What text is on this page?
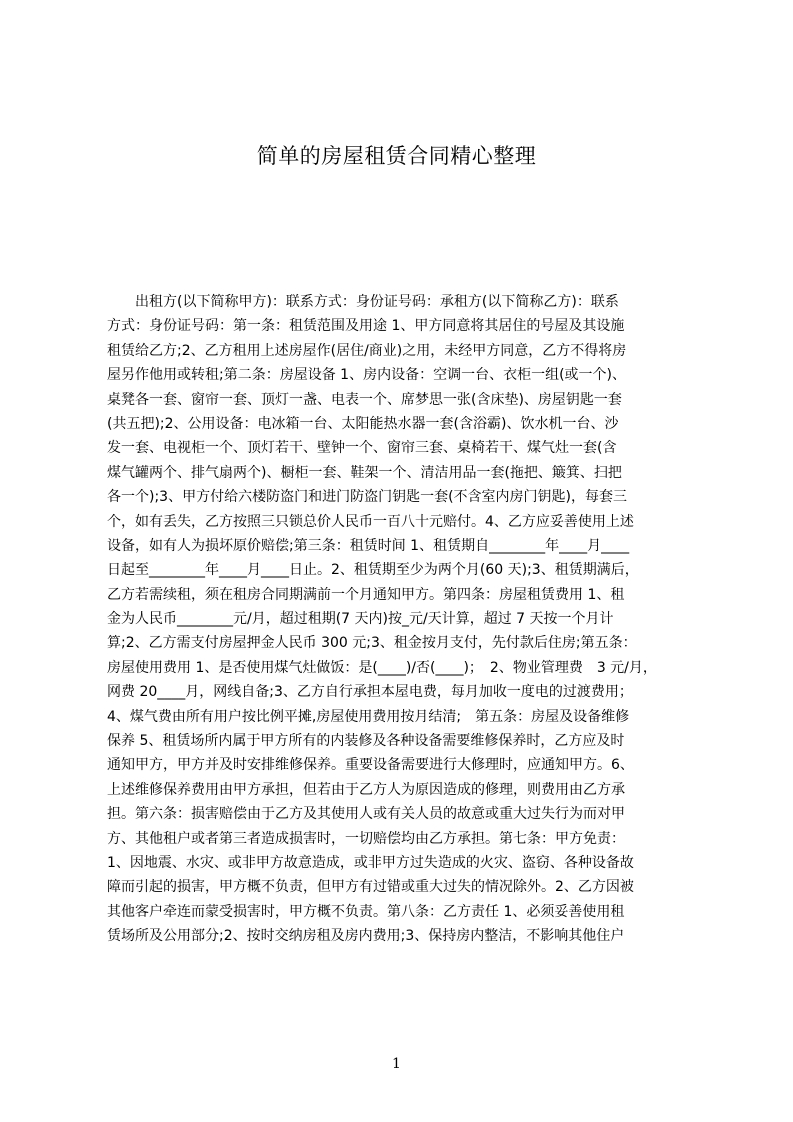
简单的房屋租赁合同精心整理
　　出租方(以下简称甲方)：联系方式：身份证号码：承租方(以下简称乙方)：联系
方式：身份证号码：第一条：租赁范围及用途 1、甲方同意将其居住的号屋及其设施
租赁给乙方;2、乙方租用上述房屋作(居住/商业)之用，未经甲方同意，乙方不得将房
屋另作他用或转租;第二条：房屋设备 1、房内设备：空调一台、衣柜一组(或一个)、
桌凳各一套、窗帘一套、顶灯一盏、电表一个、席梦思一张(含床垫)、房屋钥匙一套
(共五把);2、公用设备：电冰箱一台、太阳能热水器一套(含浴霸)、饮水机一台、沙
发一套、电视柜一个、顶灯若干、壁钟一个、窗帘三套、桌椅若干、煤气灶一套(含
煤气罐两个、排气扇两个)、橱柜一套、鞋架一个、清洁用品一套(拖把、簸箕、扫把
各一个);3、甲方付给六楼防盗门和进门防盗门钥匙一套(不含室内房门钥匙)，每套三
个，如有丢失，乙方按照三只锁总价人民币一百八十元赔付。4、乙方应妥善使用上述
设备，如有人为损坏原价赔偿;第三条：租赁时间 1、租赁期自________年____月____
日起至________年____月____日止。2、租赁期至少为两个月(60 天);3、租赁期满后，
乙方若需续租，须在租房合同期满前一个月通知甲方。第四条：房屋租赁费用 1、租
金为人民币________元/月，超过租期(7 天内)按_元/天计算，超过 7 天按一个月计
算;2、乙方需支付房屋押金人民币 300 元;3、租金按月支付，先付款后住房;第五条：
房屋使用费用 1、是否使用煤气灶做饭：是(____)/否(____)；　2、物业管理费　3 元/月，
网费 20____月，网线自备;3、乙方自行承担本屋电费，每月加收一度电的过渡费用；
4、煤气费由所有用户按比例平摊,房屋使用费用按月结清;　第五条：房屋及设备维修
保养 5、租赁场所内属于甲方所有的内装修及各种设备需要维修保养时，乙方应及时
通知甲方，甲方并及时安排维修保养。重要设备需要进行大修理时，应通知甲方。6、
上述维修保养费用由甲方承担，但若由于乙方人为原因造成的修理，则费用由乙方承
担。第六条：损害赔偿由于乙方及其使用人或有关人员的故意或重大过失行为而对甲
方、其他租户或者第三者造成损害时，一切赔偿均由乙方承担。第七条：甲方免责：
1、因地震、水灾、或非甲方故意造成，或非甲方过失造成的火灾、盗窃、各种设备故
障而引起的损害，甲方概不负责，但甲方有过错或重大过失的情况除外。2、乙方因被
其他客户牵连而蒙受损害时，甲方概不负责。第八条：乙方责任 1、必须妥善使用租
赁场所及公用部分;2、按时交纳房租及房内费用;3、保持房内整洁，不影响其他住户
1
